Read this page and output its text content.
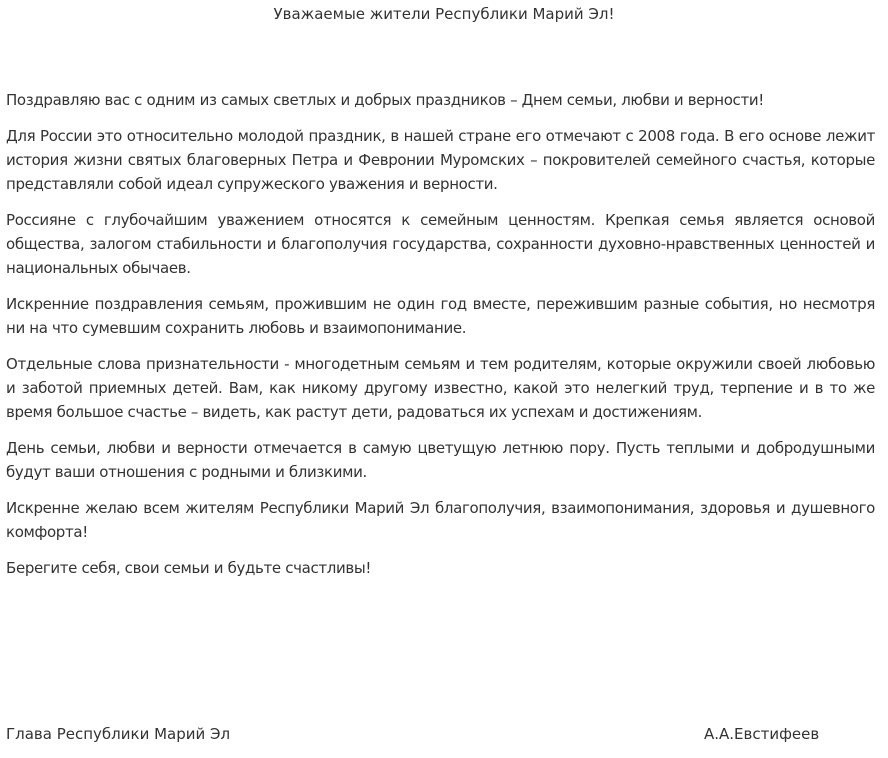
Уважаемые жители Республики Марий Эл!

Поздравляю вас с одним из самых светлых и добрых праздников – Днем семьи, любви и верности!

Для России это относительно молодой праздник, в нашей стране его отмечают с 2008 года. В его основе лежит история жизни святых благоверных Петра и Февронии Муромских – покровителей семейного счастья, которые представляли собой идеал супружеского уважения и верности.

Россияне с глубочайшим уважением относятся к семейным ценностям. Крепкая семья является основой общества, залогом стабильности и благополучия государства, сохранности духовно-нравственных ценностей и национальных обычаев.

Искренние поздравления семьям, прожившим не один год вместе, пережившим разные события, но несмотря ни на что сумевшим сохранить любовь и взаимопонимание.

Отдельные слова признательности - многодетным семьям и тем родителям, которые окружили своей любовью и заботой приемных детей. Вам, как никому другому известно, какой это нелегкий труд, терпение и в то же время большое счастье – видеть, как растут дети, радоваться их успехам и достижениям.

День семьи, любви и верности отмечается в самую цветущую летнюю пору. Пусть теплыми и добродушными будут ваши отношения с родными и близкими.

Искренне желаю всем жителям Республики Марий Эл благополучия, взаимопонимания, здоровья и душевного комфорта!

Берегите себя, свои семьи и будьте счастливы!

Глава Республики Марий Эл	А.А.Евстифеев
